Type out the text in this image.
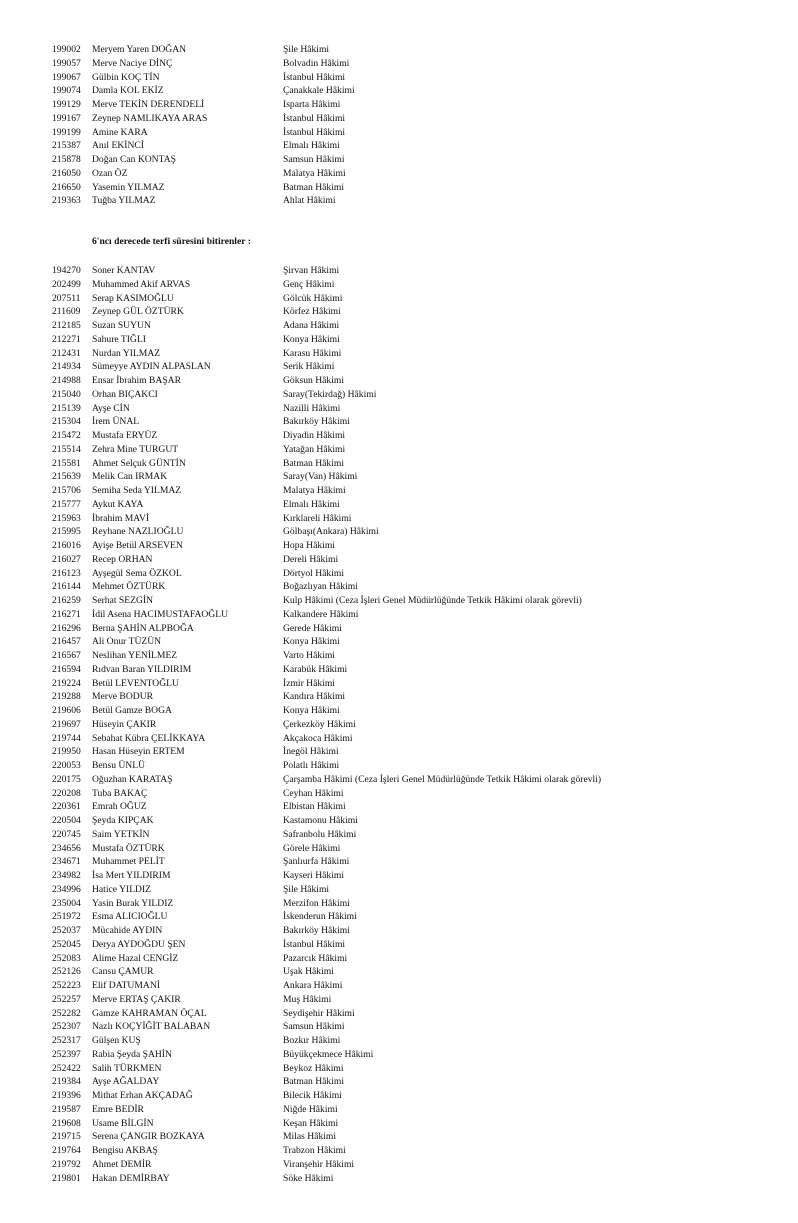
199002 Meryem Yaren DOĞAN	Şile Hâkimi
199057 Merve Naciye DİNÇ	Bolvadin Hâkimi
199067 Gülbin KOÇ TİN	İstanbul Hâkimi
199074 Damla KOL EKİZ	Çanakkale Hâkimi
199129 Merve TEKİN DERENDELİ	Isparta Hâkimi
199167 Zeynep NAMLIKAYA ARAS	İstanbul Hâkimi
199199 Amine KARA	İstanbul Hâkimi
215387 Anıl EKİNCİ	Elmalı Hâkimi
215878 Doğan Can KONTAŞ	Samsun Hâkimi
216050 Ozan ÖZ	Malatya Hâkimi
216650 Yasemin YILMAZ	Batman Hâkimi
219363 Tuğba YILMAZ	Ahlat Hâkimi
6'ncı derecede terfi süresini bitirenler :
194270 Soner KANTAV	Şirvan Hâkimi
202499 Muhammed Akif ARVAS	Genç Hâkimi
207511 Serap KASIMOĞLU	Gölcük Hâkimi
211609 Zeynep GÜL ÖZTÜRK	Körfez Hâkimi
212185 Suzan SUYUN	Adana Hâkimi
212271 Sahure TIĞLI	Konya Hâkimi
212431 Nurdan YILMAZ	Karasu Hâkimi
214934 Sümeyye AYDIN ALPASLAN	Serik Hâkimi
214988 Ensar İbrahim BAŞAR	Göksun Hâkimi
215040 Orhan BIÇAKCI	Saray(Tekirdağ) Hâkimi
215139 Ayşe CİN	Nazilli Hâkimi
215304 İrem ÜNAL	Bakırköy Hâkimi
215472 Mustafa ERYÜZ	Diyadin Hâkimi
215514 Zehra Mine TURGUT	Yatağan Hâkimi
215581 Ahmet Selçuk GÜNTİN	Batman Hâkimi
215639 Melik Can IRMAK	Saray(Van) Hâkimi
215706 Semiha Seda YILMAZ	Malatya Hâkimi
215777 Aykut KAYA	Elmalı Hâkimi
215963 İbrahim MAVİ	Kırklareli Hâkimi
215995 Reyhane NAZLIOĞLU	Gölbaşı(Ankara) Hâkimi
216016 Ayişe Betül ARSEVEN	Hopa Hâkimi
216027 Recep ORHAN	Dereli Hâkimi
216123 Ayşegül Sema ÖZKOL	Dörtyol Hâkimi
216144 Mehmet ÖZTÜRK	Boğazlıyan Hâkimi
216259 Serhat SEZGİN	Kulp Hâkimi (Ceza İşleri Genel Müdürlüğünde Tetkik Hâkimi olarak görevli)
216271 İdil Asena HACIMUSTAFAOĞLU	Kalkandere Hâkimi
216296 Berna ŞAHİN ALPBOĞA	Gerede Hâkimi
216457 Ali Onur TÜZÜN	Konya Hâkimi
216567 Neslihan YENİLMEZ	Varto Hâkimi
216594 Rıdvan Baran YILDIRIM	Karabük Hâkimi
219224 Betül LEVENTOĞLU	İzmir Hâkimi
219288 Merve BODUR	Kandıra Hâkimi
219606 Betül Gamze BOGA	Konya Hâkimi
219697 Hüseyin ÇAKIR	Çerkezköy Hâkimi
219744 Sebahat Kübra ÇELİKKAYA	Akçakoca Hâkimi
219950 Hasan Hüseyin ERTEM	İnegöl Hâkimi
220053 Bensu ÜNLÜ	Polatlı Hâkimi
220175 Oğuzhan KARATAŞ	Çarşamba Hâkimi (Ceza İşleri Genel Müdürlüğünde Tetkik Hâkimi olarak görevli)
220208 Tuba BAKAÇ	Ceyhan Hâkimi
220361 Emrah OĞUZ	Elbistan Hâkimi
220504 Şeyda KIPÇAK	Kastamonu Hâkimi
220745 Saim YETKİN	Safranbolu Hâkimi
234656 Mustafa ÖZTÜRK	Görele Hâkimi
234671 Muhammet PELİT	Şanlıurfa Hâkimi
234982 İsa Mert YILDIRIM	Kayseri Hâkimi
234996 Hatice YILDIZ	Şile Hâkimi
235004 Yasin Burak YILDIZ	Merzifon Hâkimi
251972 Esma ALICIOĞLU	İskenderun Hâkimi
252037 Mücahide AYDIN	Bakırköy Hâkimi
252045 Derya AYDOĞDU ŞEN	İstanbul Hâkimi
252083 Alime Hazal CENGİZ	Pazarcık Hâkimi
252126 Cansu ÇAMUR	Uşak Hâkimi
252223 Elif DATUMANİ	Ankara Hâkimi
252257 Merve ERTAŞ ÇAKIR	Muş Hâkimi
252282 Gamze KAHRAMAN ÖÇAL	Seydişehir Hâkimi
252307 Nazlı KOÇYİĞİT BALABAN	Samsun Hâkimi
252317 Gülşen KUŞ	Bozkır Hâkimi
252397 Rabia Şeyda ŞAHİN	Büyükçekmece Hâkimi
252422 Salih TÜRKMEN	Beykoz Hâkimi
219384 Ayşe AĞALDAY	Batman Hâkimi
219396 Mithat Erhan AKÇADAĞ	Bilecik Hâkimi
219587 Emre BEDİR	Niğde Hâkimi
219608 Usame BİLGİN	Keşan Hâkimi
219715 Serena ÇANGIR BOZKAYA	Milas Hâkimi
219764 Bengisu AKBAŞ	Trabzon Hâkimi
219792 Ahmet DEMİR	Viranşehir Hâkimi
219801 Hakan DEMİRBAY	Söke Hâkimi
